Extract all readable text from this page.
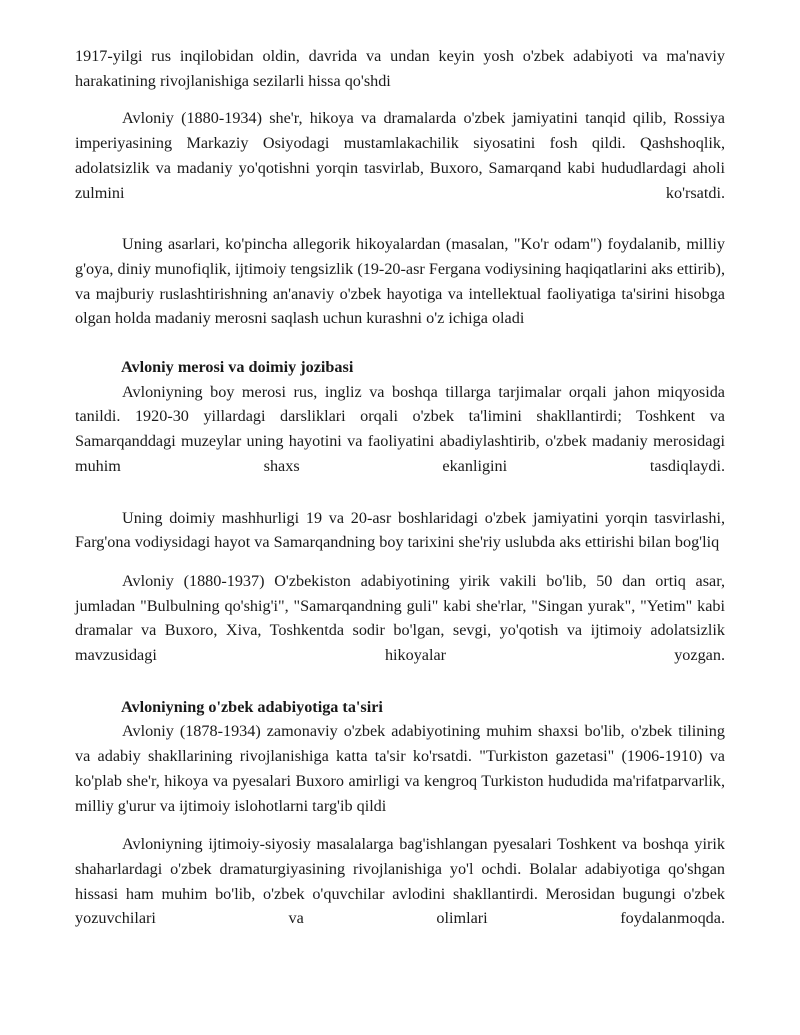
1917-yilgi rus inqilobidan oldin, davrida va undan keyin yosh o'zbek adabiyoti va ma'naviy harakatining rivojlanishiga sezilarli hissa qo'shdi

Avloniy (1880-1934) she'r, hikoya va dramalarda o'zbek jamiyatini tanqid qilib, Rossiya imperiyasining Markaziy Osiyodagi mustamlakachilik siyosatini fosh qildi. Qashshoqlik, adolatsizlik va madaniy yo'qotishni yorqin tasvirlab, Buxoro, Samarqand kabi hududlardagi aholi zulmini ko'rsatdi.

Uning asarlari, ko'pincha allegorik hikoyalardan (masalan, "Ko'r odam") foydalanib, milliy g'oya, diniy munofiqlik, ijtimoiy tengsizlik (19-20-asr Fergana vodiysining haqiqatlarini aks ettirib), va majburiy ruslashtirishning an'anaviy o'zbek hayotiga va intellektual faoliyatiga ta'sirini hisobga olgan holda madaniy merosni saqlash uchun kurashni o'z ichiga oladi

Avloniy merosi va doimiy jozibasi

Avloniyning boy merosi rus, ingliz va boshqa tillarga tarjimalar orqali jahon miqyosida tanildi. 1920-30 yillardagi darsliklari orqali o'zbek ta'limini shakllantirdi; Toshkent va Samarqanddagi muzeylar uning hayotini va faoliyatini abadiylashtirib, o'zbek madaniy merosidagi muhim shaxs ekanligini tasdiqlaydi.

Uning doimiy mashhurligi 19 va 20-asr boshlaridagi o'zbek jamiyatini yorqin tasvirlashi, Farg'ona vodiysidagi hayot va Samarqandning boy tarixini she'riy uslubda aks ettirishi bilan bog'liq

Avloniy (1880-1937) O'zbekiston adabiyotining yirik vakili bo'lib, 50 dan ortiq asar, jumladan "Bulbulning qo'shig'i", "Samarqandning guli" kabi she'rlar, "Singan yurak", "Yetim" kabi dramalar va Buxoro, Xiva, Toshkentda sodir bo'lgan, sevgi, yo'qotish va ijtimoiy adolatsizlik mavzusidagi hikoyalar yozgan.

Avloniyning o'zbek adabiyotiga ta'siri

Avloniy (1878-1934) zamonaviy o'zbek adabiyotining muhim shaxsi bo'lib, o'zbek tilining va adabiy shakllarining rivojlanishiga katta ta'sir ko'rsatdi. "Turkiston gazetasi" (1906-1910) va ko'plab she'r, hikoya va pyesalari Buxoro amirligi va kengroq Turkiston hududida ma'rifatparvarlik, milliy g'urur va ijtimoiy islohotlarni targ'ib qildi

Avloniyning ijtimoiy-siyosiy masalalarga bag'ishlangan pyesalari Toshkent va boshqa yirik shaharlardagi o'zbek dramaturgiyasining rivojlanishiga yo'l ochdi. Bolalar adabiyotiga qo'shgan hissasi ham muhim bo'lib, o'zbek o'quvchilar avlodini shakllantirdi. Merosidan bugungi o'zbek yozuvchilari va olimlari foydalanmoqda.
